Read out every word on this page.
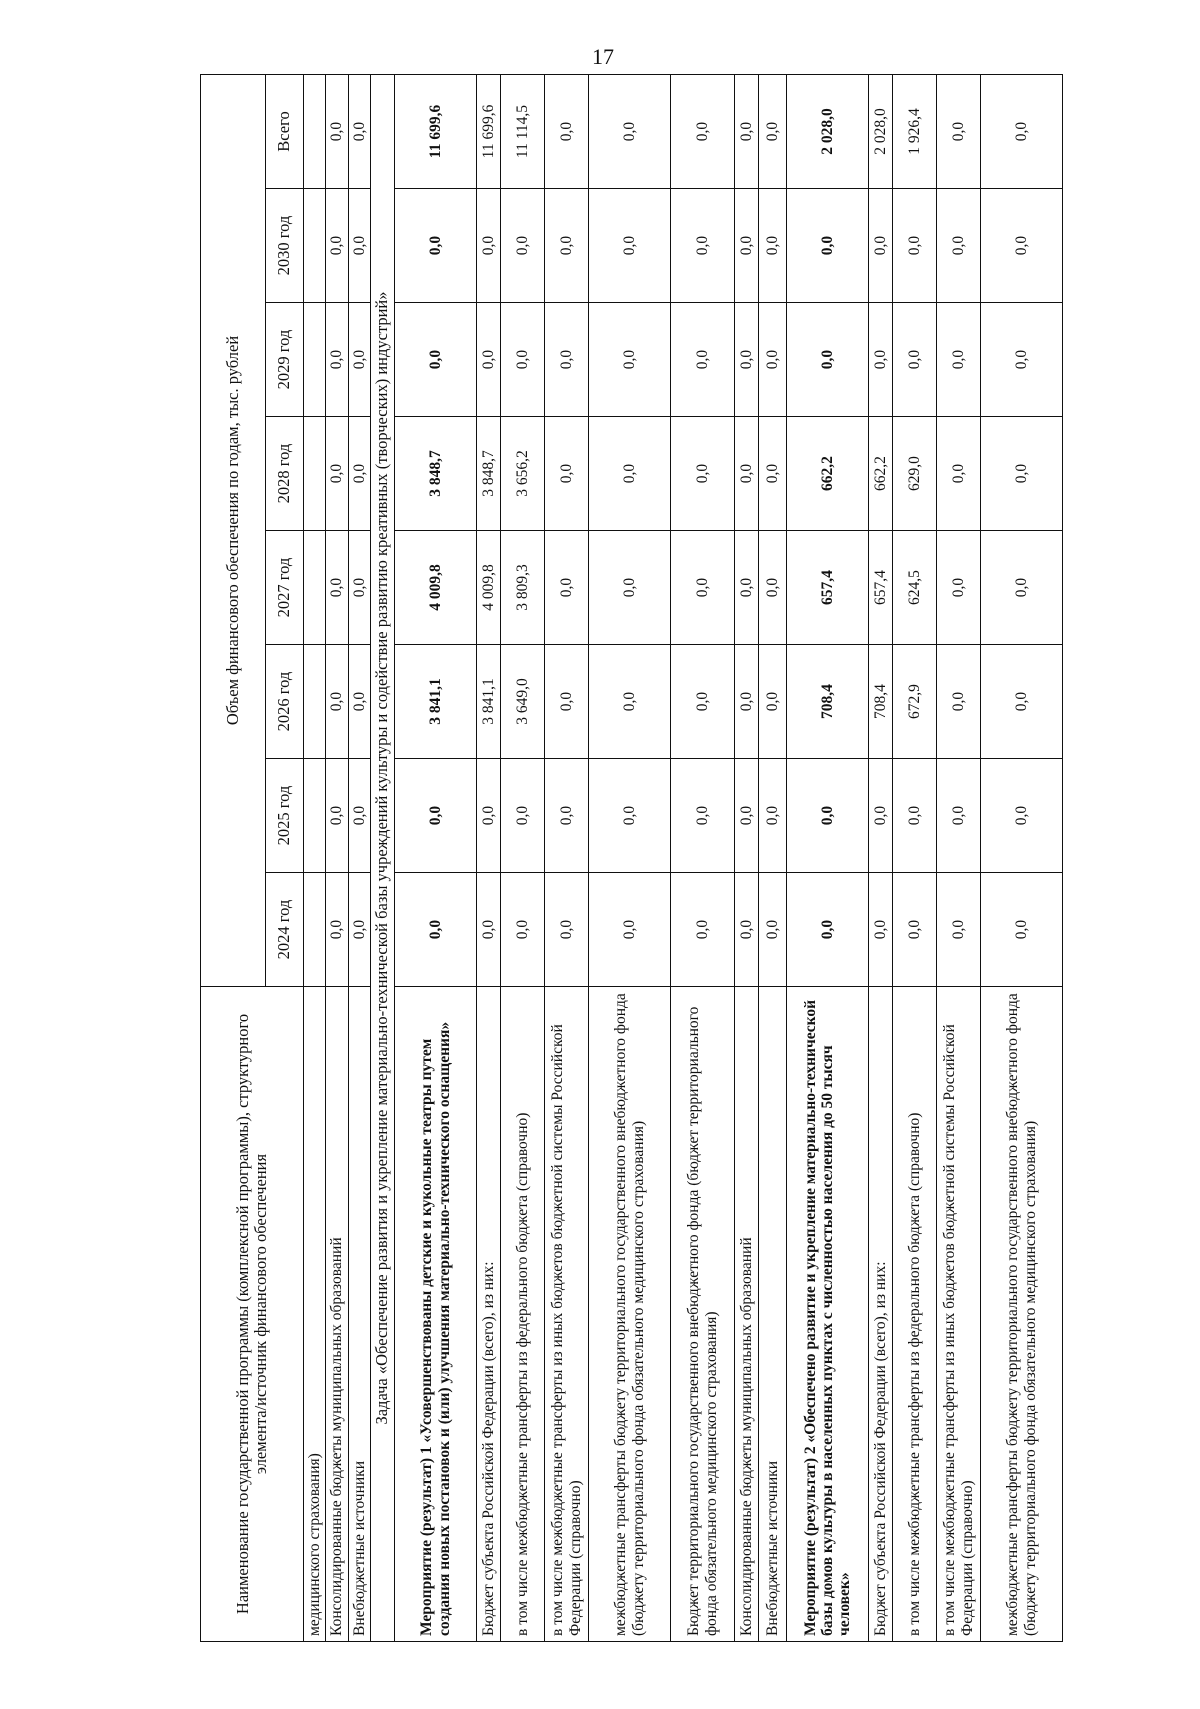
17
Наименование государственной программы (комплексной программы), структурного элемента/источник финансового обеспечения	Объем финансового обеспечения по годам, тыс. рублей							
	2024 год	2025 год	2026 год	2027 год	2028 год	2029 год	2030 год	Всего
медицинского страхования)								
Консолидированные бюджеты муниципальных образований	0,0	0,0	0,0	0,0	0,0	0,0	0,0	0,0
Внебюджетные источники	0,0	0,0	0,0	0,0	0,0	0,0	0,0	0,0
Задача «Обеспечение развития и укрепление материально-технической базы учреждений культуры и содействие развитию креативных (творческих) индустрий»								
Мероприятие (результат) 1 «Усовершенствованы детские и кукольные театры путем создания новых постановок и (или) улучшения материально-технического оснащения»	0,0	0,0	3 841,1	4 009,8	3 848,7	0,0	0,0	11 699,6
Бюджет субъекта Российской Федерации (всего), из них:	0,0	0,0	3 841,1	4 009,8	3 848,7	0,0	0,0	11 699,6
в том числе межбюджетные трансферты из федерального бюджета (справочно)	0,0	0,0	3 649,0	3 809,3	3 656,2	0,0	0,0	11 114,5
в том числе межбюджетные трансферты из иных бюджетов бюджетной системы Российской Федерации (справочно)	0,0	0,0	0,0	0,0	0,0	0,0	0,0	0,0
межбюджетные трансферты бюджету территориального государственного внебюджетного фонда (бюджету территориального фонда обязательного медицинского страхования)	0,0	0,0	0,0	0,0	0,0	0,0	0,0	0,0
Бюджет территориального государственного внебюджетного фонда (бюджет территориального фонда обязательного медицинского страхования)	0,0	0,0	0,0	0,0	0,0	0,0	0,0	0,0
Консолидированные бюджеты муниципальных образований	0,0	0,0	0,0	0,0	0,0	0,0	0,0	0,0
Внебюджетные источники	0,0	0,0	0,0	0,0	0,0	0,0	0,0	0,0
Мероприятие (результат) 2 «Обеспечено развитие и укрепление материально-технической базы домов культуры в населенных пунктах с численностью населения до 50 тысяч человек»	0,0	0,0	708,4	657,4	662,2	0,0	0,0	2 028,0
Бюджет субъекта Российской Федерации (всего), из них:	0,0	0,0	708,4	657,4	662,2	0,0	0,0	2 028,0
в том числе межбюджетные трансферты из федерального бюджета (справочно)	0,0	0,0	672,9	624,5	629,0	0,0	0,0	1 926,4
в том числе межбюджетные трансферты из иных бюджетов бюджетной системы Российской Федерации (справочно)	0,0	0,0	0,0	0,0	0,0	0,0	0,0	0,0
межбюджетные трансферты бюджету территориального государственного внебюджетного фонда (бюджету территориального фонда обязательного медицинского страхования)	0,0	0,0	0,0	0,0	0,0	0,0	0,0	0,0
